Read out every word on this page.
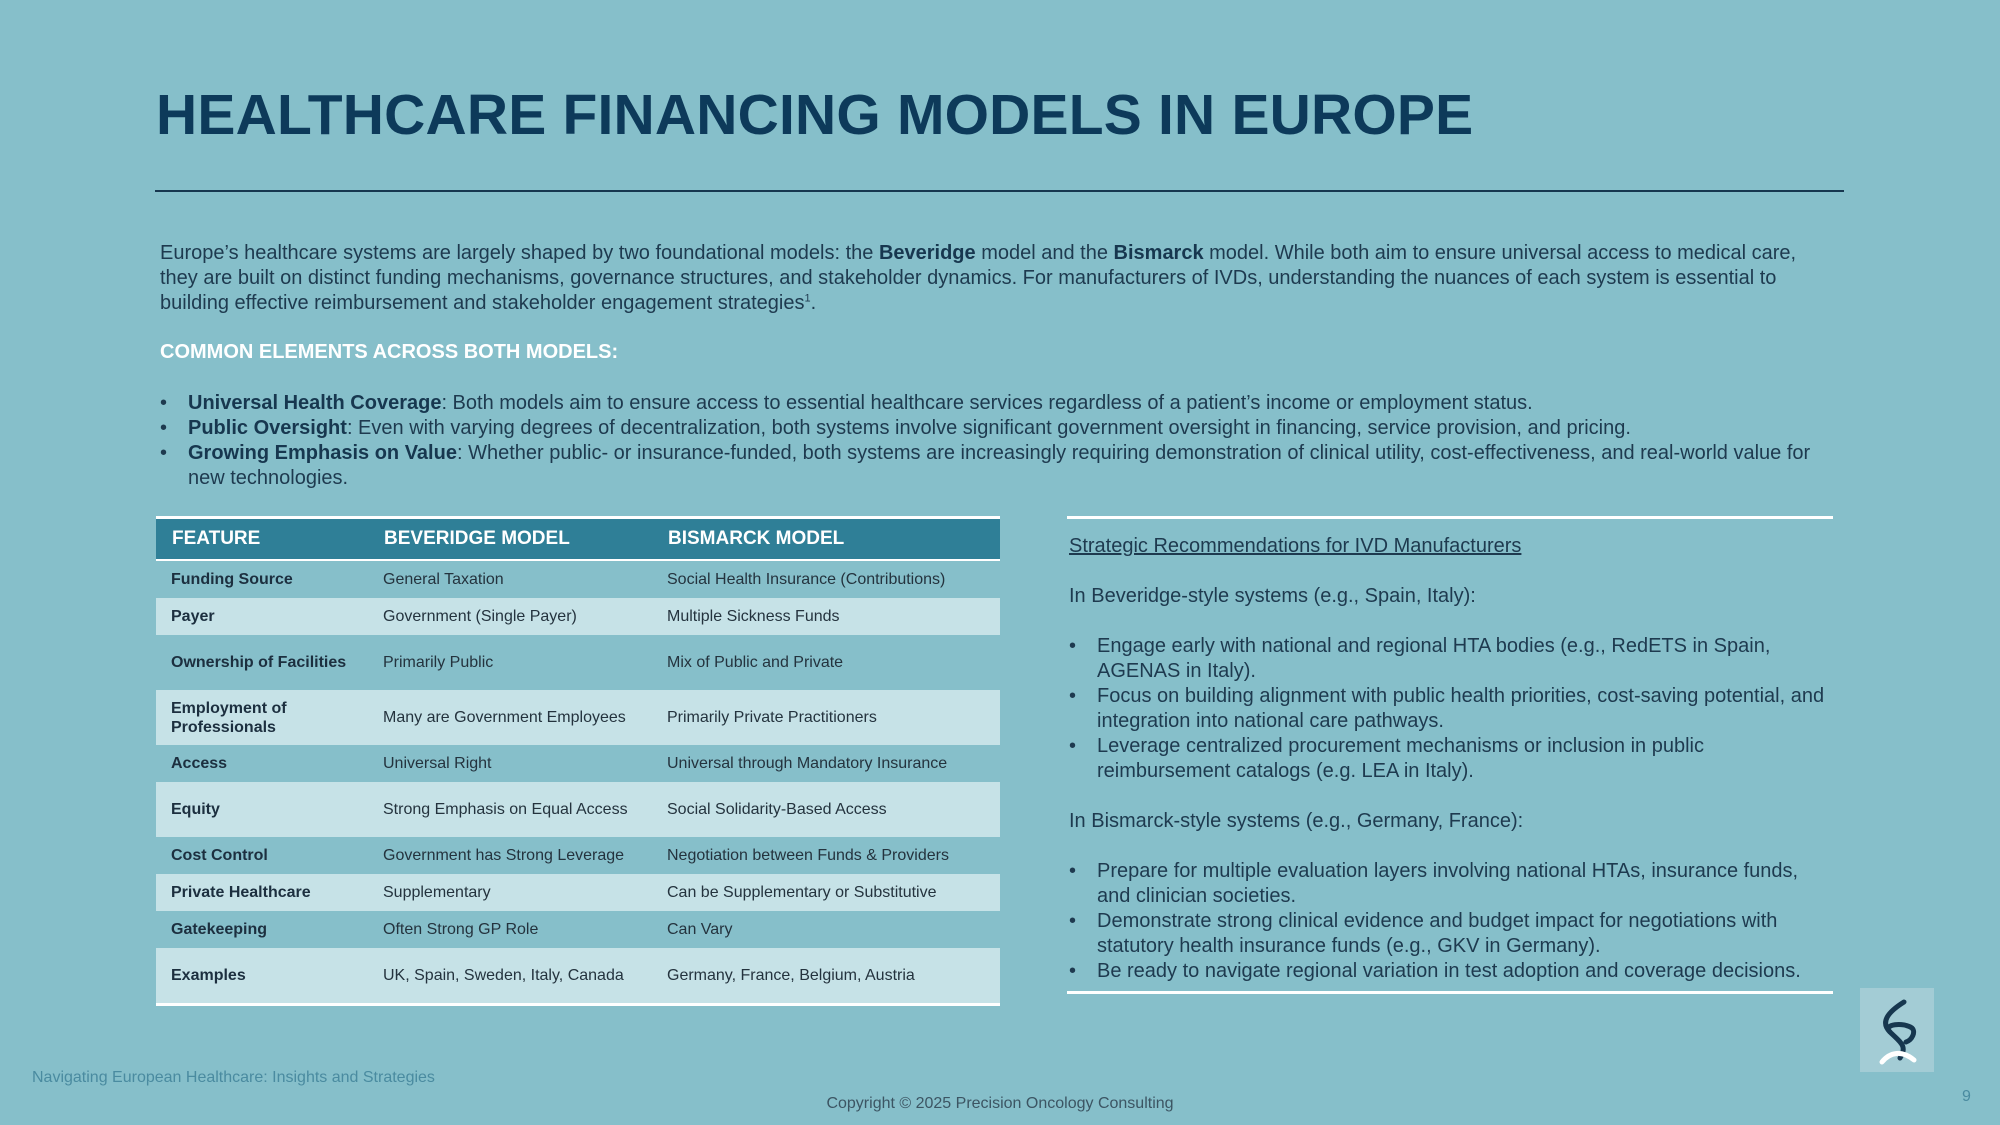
HEALTHCARE FINANCING MODELS IN EUROPE
Europe’s healthcare systems are largely shaped by two foundational models: the Beveridge model and the Bismarck model. While both aim to ensure universal access to medical care, they are built on distinct funding mechanisms, governance structures, and stakeholder dynamics. For manufacturers of IVDs, understanding the nuances of each system is essential to building effective reimbursement and stakeholder engagement strategies$^1$.
COMMON ELEMENTS ACROSS BOTH MODELS:
• Universal Health Coverage: Both models aim to ensure access to essential healthcare services regardless of a patient’s income or employment status.
• Public Oversight: Even with varying degrees of decentralization, both systems involve significant government oversight in financing, service provision, and pricing.
• Growing Emphasis on Value: Whether public- or insurance-funded, both systems are increasingly requiring demonstration of clinical utility, cost-effectiveness, and real-world value for new technologies.
FEATURE	BEVERIDGE MODEL	BISMARCK MODEL
Funding Source	General Taxation	Social Health Insurance (Contributions)
Payer	Government (Single Payer)	Multiple Sickness Funds
Ownership of Facilities	Primarily Public	Mix of Public and Private
Employment of Professionals	Many are Government Employees	Primarily Private Practitioners
Access	Universal Right	Universal through Mandatory Insurance
Equity	Strong Emphasis on Equal Access	Social Solidarity-Based Access
Cost Control	Government has Strong Leverage	Negotiation between Funds & Providers
Private Healthcare	Supplementary	Can be Supplementary or Substitutive
Gatekeeping	Often Strong GP Role	Can Vary
Examples	UK, Spain, Sweden, Italy, Canada	Germany, France, Belgium, Austria
Strategic Recommendations for IVD Manufacturers
In Beveridge-style systems (e.g., Spain, Italy):
• Engage early with national and regional HTA bodies (e.g., RedETS in Spain, AGENAS in Italy).
• Focus on building alignment with public health priorities, cost-saving potential, and integration into national care pathways.
• Leverage centralized procurement mechanisms or inclusion in public reimbursement catalogs (e.g. LEA in Italy).
In Bismarck-style systems (e.g., Germany, France):
• Prepare for multiple evaluation layers involving national HTAs, insurance funds, and clinician societies.
• Demonstrate strong clinical evidence and budget impact for negotiations with statutory health insurance funds (e.g., GKV in Germany).
• Be ready to navigate regional variation in test adoption and coverage decisions.
Navigating European Healthcare: Insights and Strategies
Copyright © 2025 Precision Oncology Consulting	9
